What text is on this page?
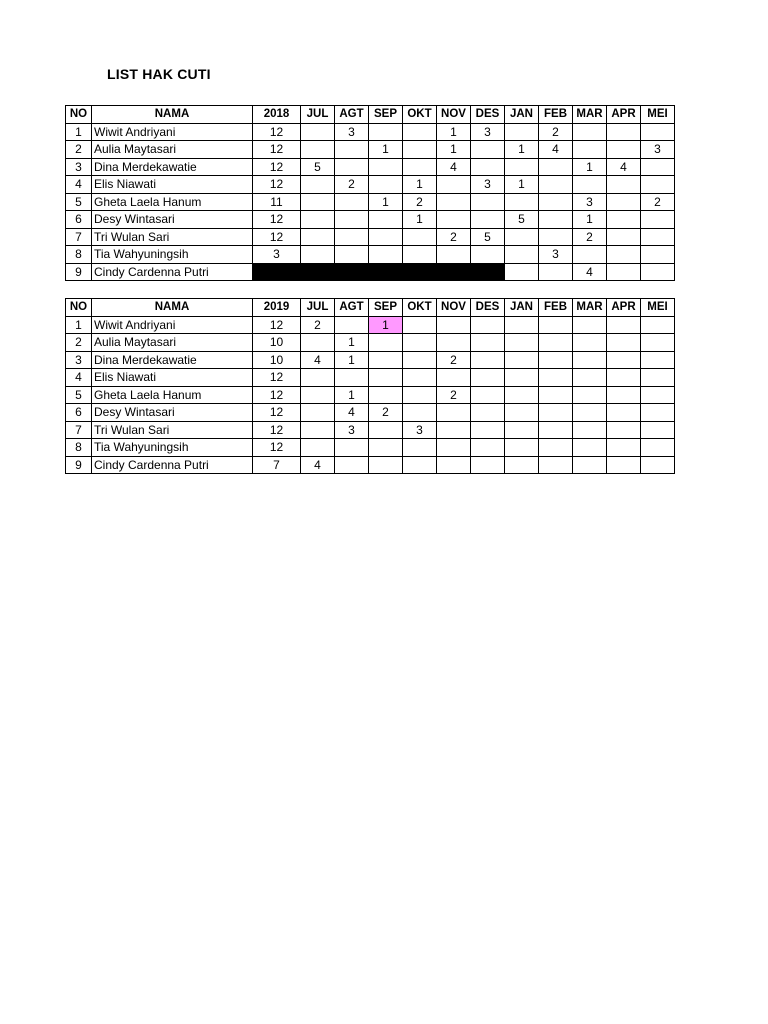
LIST HAK CUTI
NO	NAMA	2018	JUL	AGT	SEP	OKT	NOV	DES	JAN	FEB	MAR	APR	MEI
1	Wiwit Andriyani	12		3			1	3		2			
2	Aulia Maytasari	12			1		1		1	4			3
3	Dina Merdekawatie	12	5				4				1	4	
4	Elis Niawati	12		2		1		3	1				
5	Gheta Laela Hanum	11			1	2					3		2
6	Desy Wintasari	12				1			5		1		
7	Tri Wulan Sari	12					2	5			2		
8	Tia Wahyuningsih	3								3			
9	Cindy Cardenna Putri										4		
NO	NAMA	2019	JUL	AGT	SEP	OKT	NOV	DES	JAN	FEB	MAR	APR	MEI
1	Wiwit Andriyani	12	2		1								
2	Aulia Maytasari	10		1									
3	Dina Merdekawatie	10	4	1			2						
4	Elis Niawati	12											
5	Gheta Laela Hanum	12		1			2						
6	Desy Wintasari	12		4	2								
7	Tri Wulan Sari	12		3		3							
8	Tia Wahyuningsih	12											
9	Cindy Cardenna Putri	7	4										
